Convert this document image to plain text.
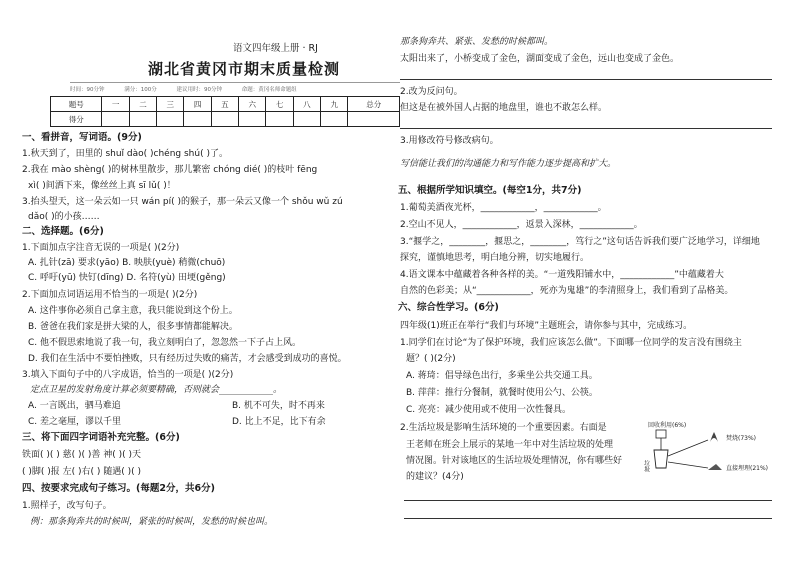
语文四年级上册 · RJ
湖北省黄冈市期末质量检测
时间：90分钟	满分：100分	建议用时：90分钟	命题：黄冈名师命题组
题号	一	二	三	四	五	六	七	八	九	总分
得分										
一、看拼音，写词语。(9分)
1.秋天到了，田里的 shuǐ dào( )chéng shú( )了。
2.我在 mào shèng( )的树林里散步，那儿繁密 chóng dié( )的枝叶 fēng
xì( )间洒下来，像丝丝上真 sī lǔ( )！
3.抬头望天，这一朵云如一只 wán pí( )的猴子，那一朵云又像一个 shǒu wǔ zú
dǎo( )的小孩……
二、选择题。(6分)
1.下面加点字注音无误的一项是( )(2分)
A. 扎针(zā) 要求(yāo) B. 映肤(yuè) 稍微(chuō)
C. 呼吁(yū) 快钉(dīng) D. 名符(yù) 田埂(gěng)
2.下面加点词语运用不恰当的一项是( )(2分)
A. 这件事你必须自己拿主意，我只能说到这个份上。
B. 爸爸在我们家是拼大梁的人，很多事情都能解决。
C. 他不假思索地说了我一句，我立刻明白了，忽忽然一下子占上风。
D. 我们在生活中不要怕挫败，只有经历过失败的痛苦，才会感受到成功的喜悦。
3.填入下面句子中的八字成语，恰当的一项是( )(2分)
定点卫星的发射角度计算必须要精确，否则就会____________。
A. 一言既出，驷马难追	B. 机不可失，时不再来
C. 差之毫厘，谬以千里	D. 比上不足，比下有余
三、将下面四字词语补充完整。(6分)
铁面( )( ) 慈( )( )善 神( )( )天
( )脚( )报 左( )右( ) 随遇( )( )
四、按要求完成句子练习。(每题2分，共6分)
1.照样子，改写句子。
例：那条狗奔共的时候叫，紧张的时候叫，发愁的时候也叫。
那条狗奔共、紧张、发愁的时候都叫。
太阳出来了，小桥变成了金色，湖面变成了金色，远山也变成了金色。
2.改为反问句。
但这是在被外国人占据的地盘里，谁也不敢怎么样。
3.用修改符号修改病句。
写信能让我们的沟通能力和写作能力逐步提高和扩大。
五、根据所学知识填空。(每空1分，共7分)
1.葡萄美酒夜光杯，____________，____________。
2.空山不见人，____________，返景入深林，____________。
3.“揠学之，________，揠思之，________，笃行之”这句话告诉我们要广泛地学习，详细地
探究，谨慎地思考，明白地分辨，切实地履行。
4.语文课本中蕴藏着各种各样的美。“一道残阳铺水中，____________”中蕴藏着大
自然的色彩美；从“____________，死亦为鬼雄”的李清照身上，我们看到了品格美。
六、综合性学习。(6分)
四年级(1)班正在举行“我们与环境”主题班会，请你参与其中，完成练习。
1.同学们在讨论“为了保护环境，我们应该怎么做”。下面哪一位同学的发言没有围绕主
题？( )(2分)
A. 蒋琦：倡导绿色出行，多乘坐公共交通工具。
B. 萍萍：推行分餐制，就餐时使用公勺、公筷。
C. 亮亮：减少使用或不使用一次性餐具。
2.生活垃圾是影响生活环境的一个重要因素。右面是
王老师在班会上展示的某地一年中对生活垃圾的处理
情况图。针对该地区的生活垃圾处理情况，你有哪些好
的建议？(4分)
回收利用(6%)
垃圾
焚烧(73%)
直接埋理(21%)
